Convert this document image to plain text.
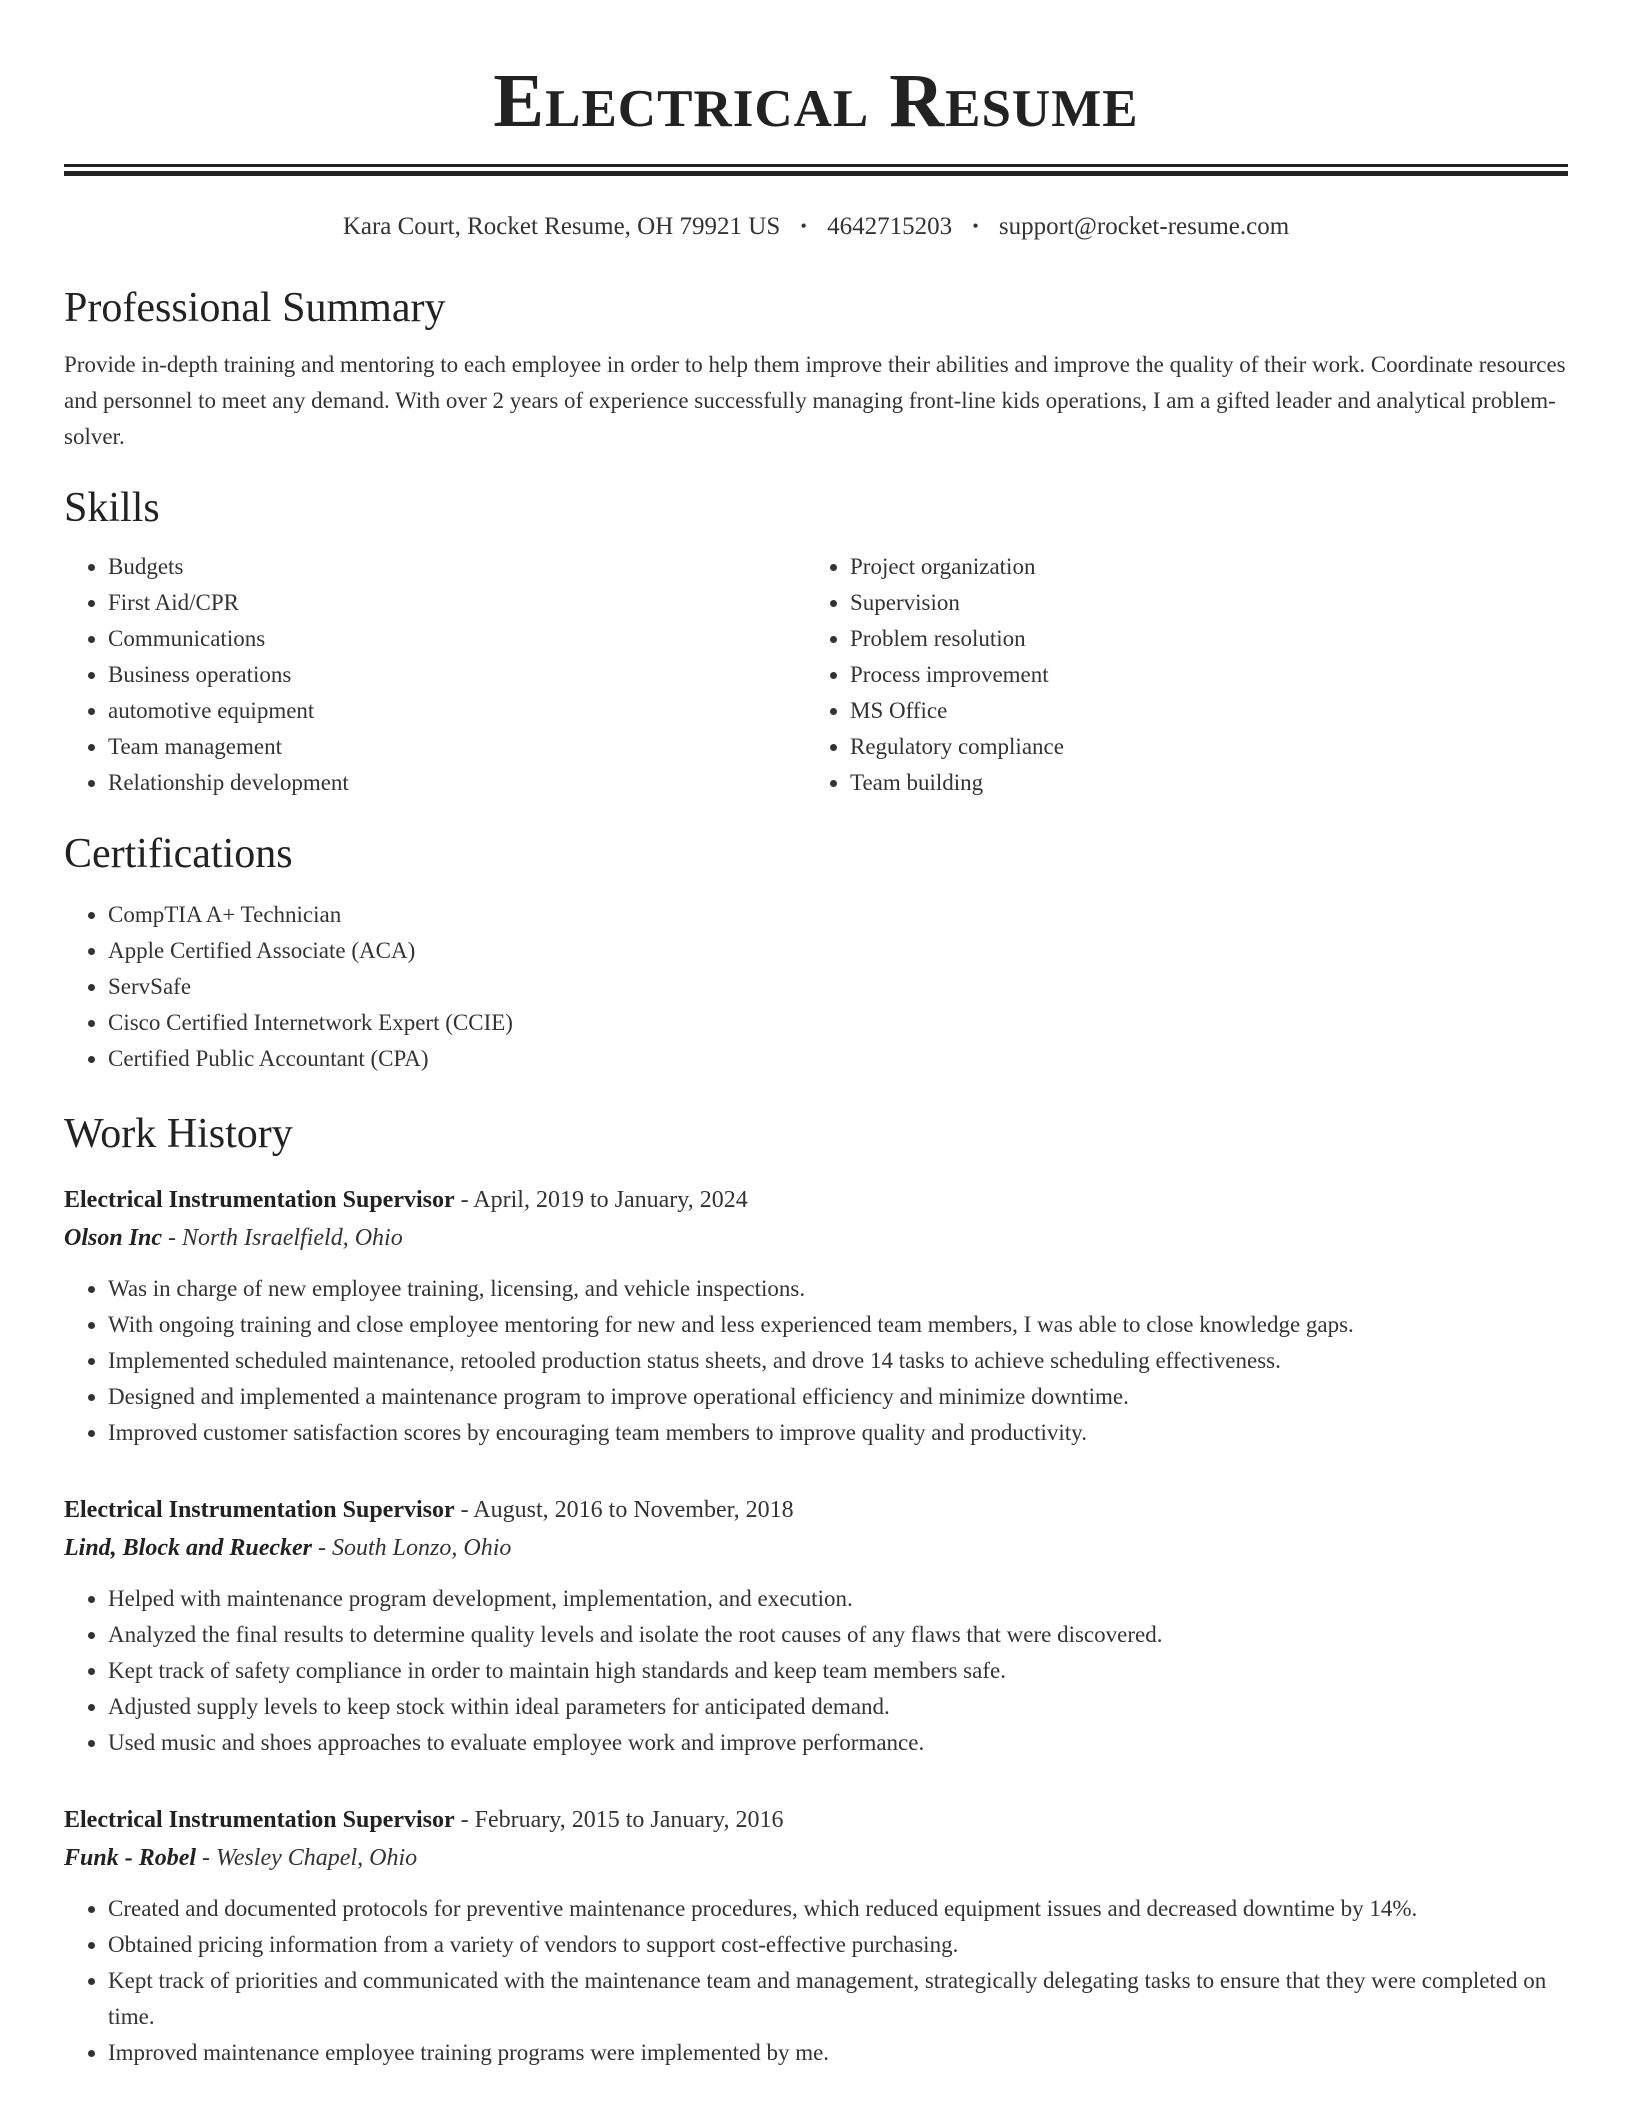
Electrical Resume
Kara Court, Rocket Resume, OH 79921 US • 4642715203 • support@rocket-resume.com
Professional Summary

Provide in-depth training and mentoring to each employee in order to help them improve their abilities and improve the quality of their work. Coordinate resources and personnel to meet any demand. With over 2 years of experience successfully managing front-line kids operations, I am a gifted leader and analytical problem-solver.

Skills
• Budgets
• First Aid/CPR
• Communications
• Business operations
• automotive equipment
• Team management
• Relationship development
• Project organization
• Supervision
• Problem resolution
• Process improvement
• MS Office
• Regulatory compliance
• Team building
Certifications
• CompTIA A+ Technician
• Apple Certified Associate (ACA)
• ServSafe
• Cisco Certified Internetwork Expert (CCIE)
• Certified Public Accountant (CPA)
Work History
Electrical Instrumentation Supervisor - April, 2019 to January, 2024
Olson Inc - North Israelfield, Ohio
• Was in charge of new employee training, licensing, and vehicle inspections.
• With ongoing training and close employee mentoring for new and less experienced team members, I was able to close knowledge gaps.
• Implemented scheduled maintenance, retooled production status sheets, and drove 14 tasks to achieve scheduling effectiveness.
• Designed and implemented a maintenance program to improve operational efficiency and minimize downtime.
• Improved customer satisfaction scores by encouraging team members to improve quality and productivity.
Electrical Instrumentation Supervisor - August, 2016 to November, 2018
Lind, Block and Ruecker - South Lonzo, Ohio
• Helped with maintenance program development, implementation, and execution.
• Analyzed the final results to determine quality levels and isolate the root causes of any flaws that were discovered.
• Kept track of safety compliance in order to maintain high standards and keep team members safe.
• Adjusted supply levels to keep stock within ideal parameters for anticipated demand.
• Used music and shoes approaches to evaluate employee work and improve performance.
Electrical Instrumentation Supervisor - February, 2015 to January, 2016
Funk - Robel - Wesley Chapel, Ohio
• Created and documented protocols for preventive maintenance procedures, which reduced equipment issues and decreased downtime by 14%.
• Obtained pricing information from a variety of vendors to support cost-effective purchasing.
• Kept track of priorities and communicated with the maintenance team and management, strategically delegating tasks to ensure that they were completed on time.
• Improved maintenance employee training programs were implemented by me.
